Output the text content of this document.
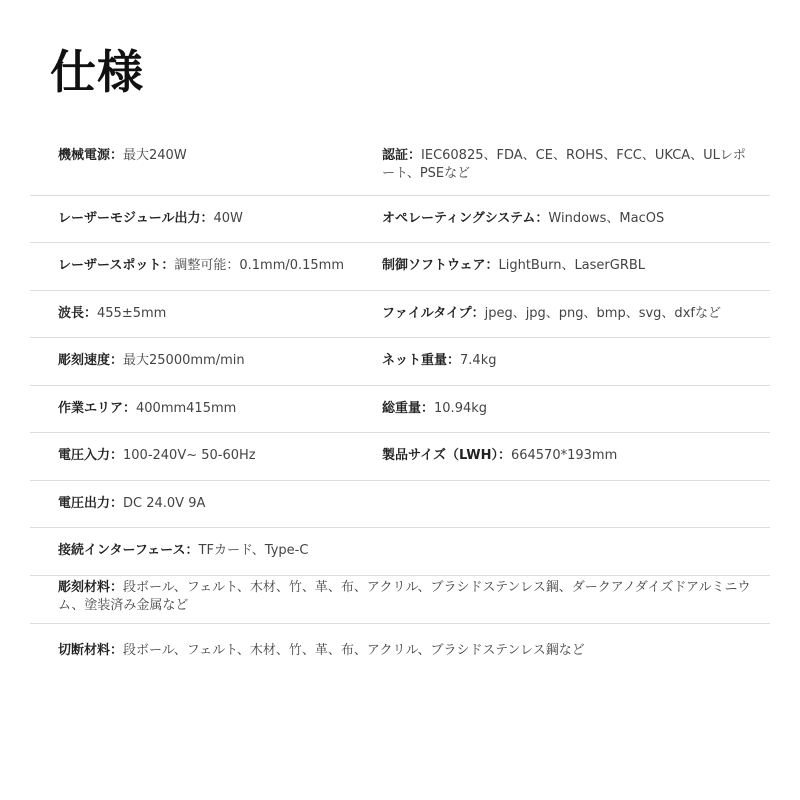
仕様
機械電源：最大240W	認証：IEC60825、FDA、CE、ROHS、FCC、UKCA、ULレポート、PSEなど
レーザーモジュール出力：40W	オペレーティングシステム：Windows、MacOS
レーザースポット：調整可能：0.1mm/0.15mm	制御ソフトウェア：LightBurn、LaserGRBL
波長：455±5mm	ファイルタイプ：jpeg、jpg、png、bmp、svg、dxfなど
彫刻速度：最大25000mm/min	ネット重量：7.4kg
作業エリア：400mm415mm	総重量：10.94kg
電圧入力：100-240V~ 50-60Hz	製品サイズ（LWH）：664570*193mm
電圧出力：DC 24.0V 9A
接続インターフェース：TFカード、Type-C
彫刻材料：段ボール、フェルト、木材、竹、革、布、アクリル、ブラシドステンレス鋼、ダークアノダイズドアルミニウム、塗装済み金属など
切断材料：段ボール、フェルト、木材、竹、革、布、アクリル、ブラシドステンレス鋼など
